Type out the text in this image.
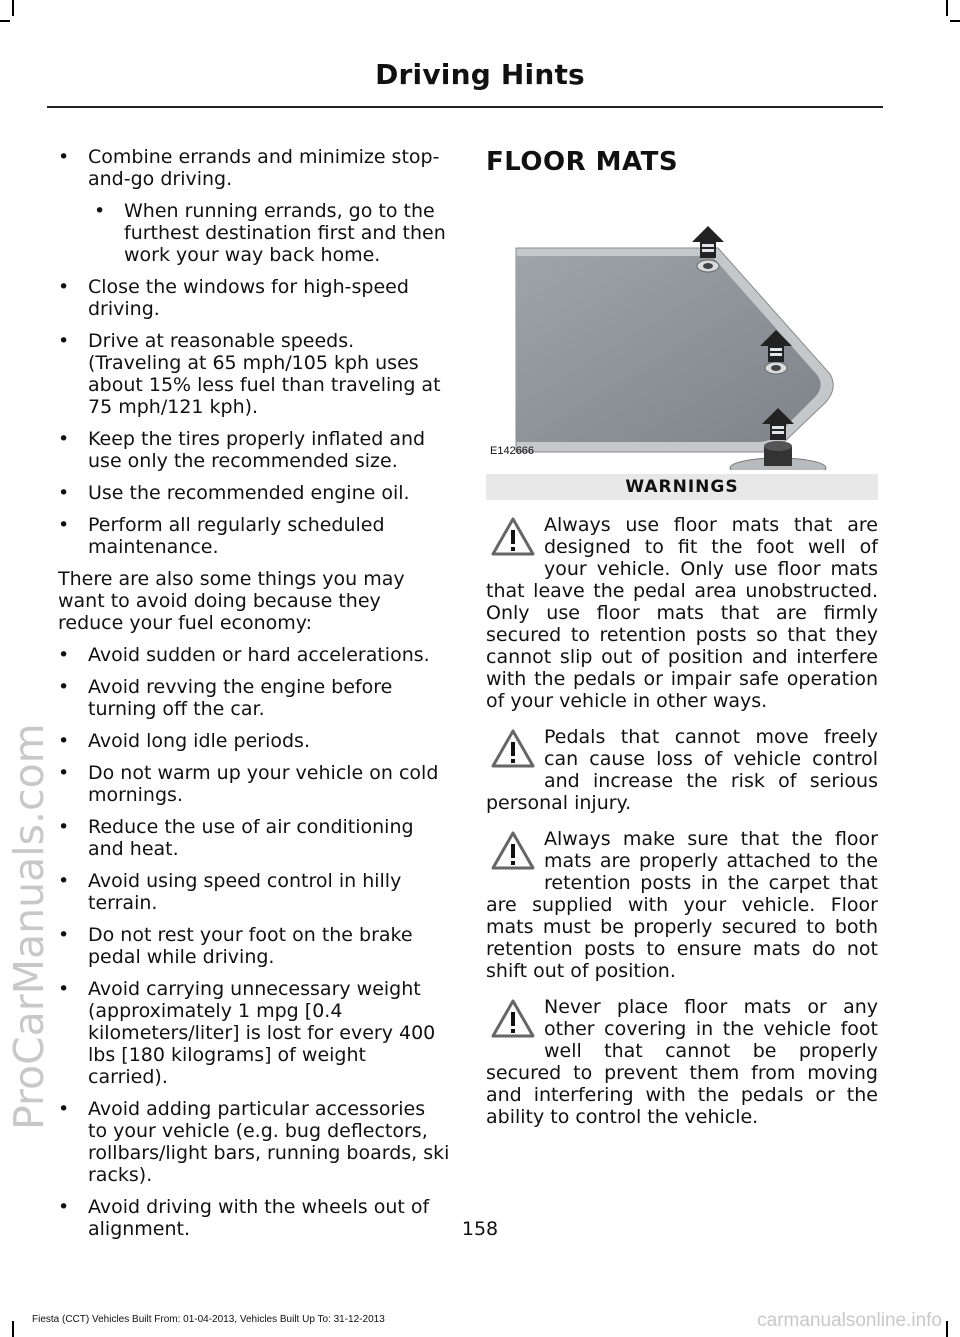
Driving Hints
ProCarManuals.com
• Combine errands and minimize stop-and-go driving.
• When running errands, go to the furthest destination first and then work your way back home.
• Close the windows for high-speed driving.
• Drive at reasonable speeds. (Traveling at 65 mph/105 kph uses about 15% less fuel than traveling at 75 mph/121 kph).
• Keep the tires properly inflated and use only the recommended size.
• Use the recommended engine oil.
• Perform all regularly scheduled maintenance.

There are also some things you may want to avoid doing because they reduce your fuel economy:

• Avoid sudden or hard accelerations.
• Avoid revving the engine before turning off the car.
• Avoid long idle periods.
• Do not warm up your vehicle on cold mornings.
• Reduce the use of air conditioning and heat.
• Avoid using speed control in hilly terrain.
• Do not rest your foot on the brake pedal while driving.
• Avoid carrying unnecessary weight (approximately 1 mpg [0.4 kilometers/liter] is lost for every 400 lbs [180 kilograms] of weight carried).
• Avoid adding particular accessories to your vehicle (e.g. bug deflectors, rollbars/light bars, running boards, ski racks).
• Avoid driving with the wheels out of alignment.
FLOOR MATS
E142666
WARNINGS
Always use floor mats that are designed to fit the foot well of your vehicle. Only use floor mats that leave the pedal area unobstructed. Only use floor mats that are firmly secured to retention posts so that they cannot slip out of position and interfere with the pedals or impair safe operation of your vehicle in other ways.
Pedals that cannot move freely can cause loss of vehicle control and increase the risk of serious personal injury.
Always make sure that the floor mats are properly attached to the retention posts in the carpet that are supplied with your vehicle. Floor mats must be properly secured to both retention posts to ensure mats do not shift out of position.
Never place floor mats or any other covering in the vehicle foot well that cannot be properly secured to prevent them from moving and interfering with the pedals or the ability to control the vehicle.
158
Fiesta (CCT) Vehicles Built From: 01-04-2013, Vehicles Built Up To: 31-12-2013	carmanualsonline.info
